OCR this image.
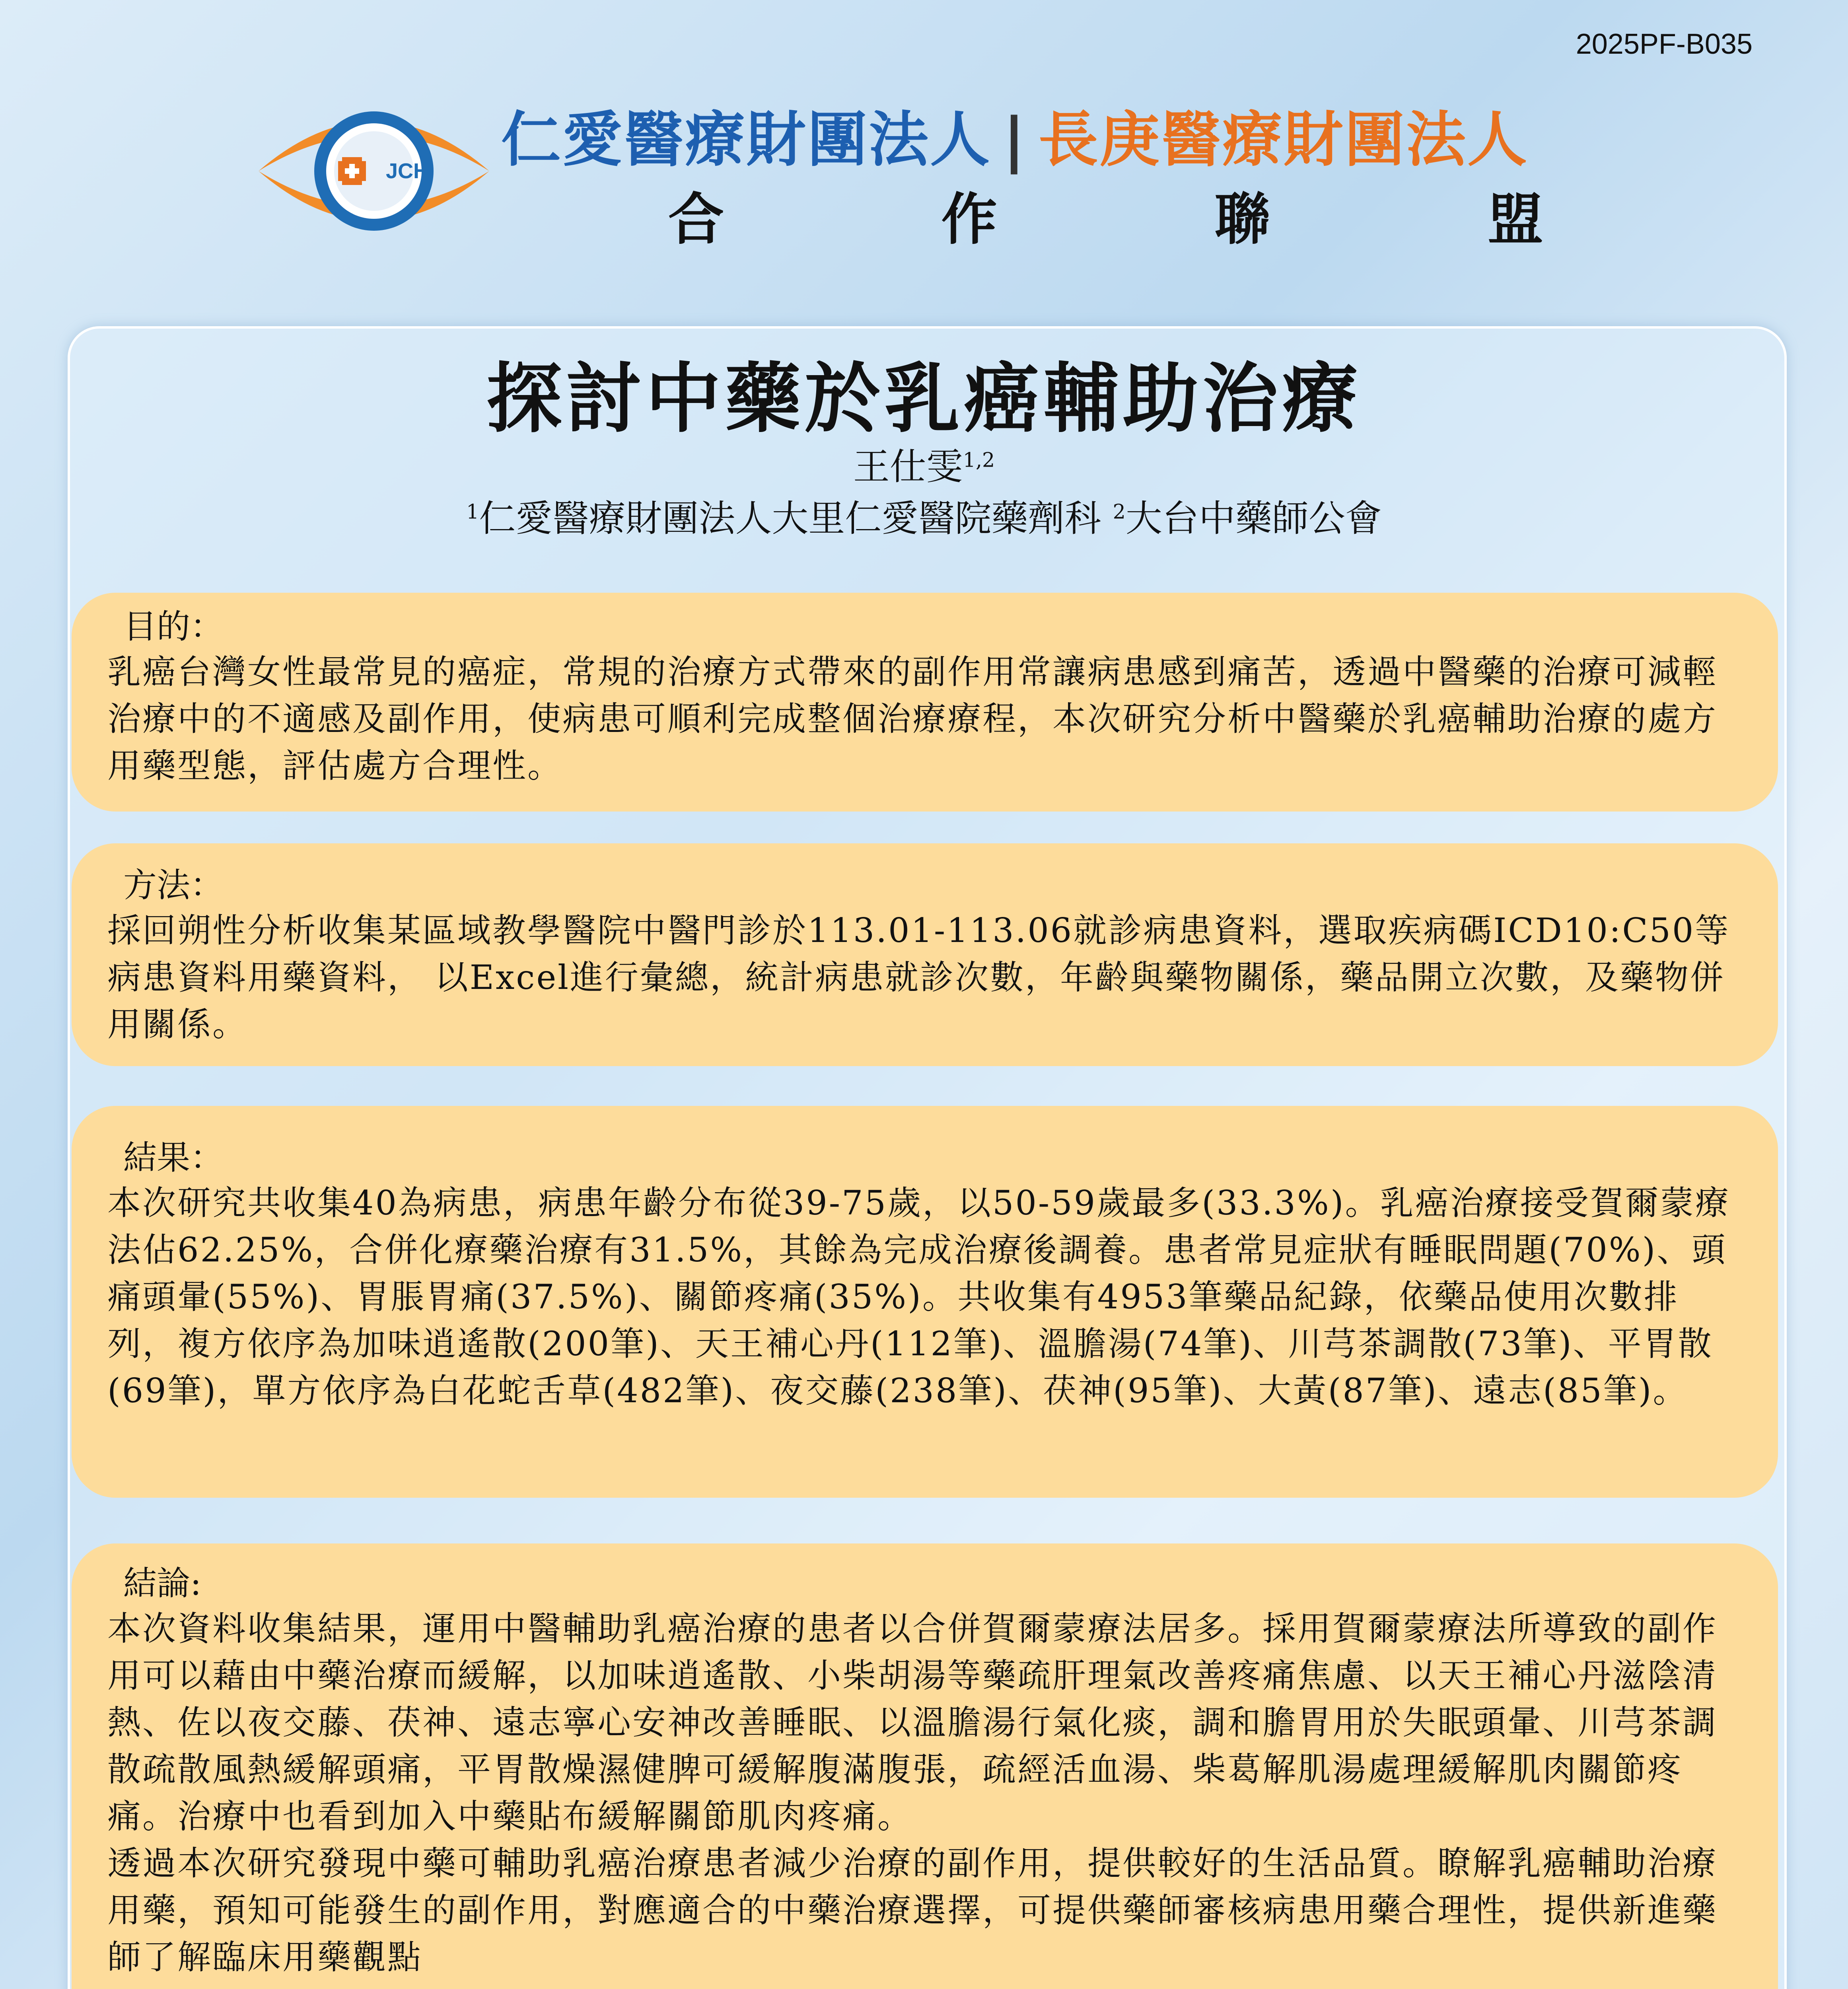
2025PF-B035
JCH 仁愛醫療財團法人 | 長庚醫療財團法人
合	作	聯	盟
探討中藥於乳癌輔助治療
王仕雯$^{1,2}$
$^1$仁愛醫療財團法人大里仁愛醫院藥劑科 $^2$大台中藥師公會
目的：
乳癌台灣女性最常見的癌症，常規的治療方式帶來的副作用常讓病患感到痛苦，透過中醫藥的治療可減輕治療中的不適感及副作用，使病患可順利完成整個治療療程，本次研究分析中醫藥於乳癌輔助治療的處方用藥型態，評估處方合理性。
方法：
採回朔性分析收集某區域教學醫院中醫門診於113.01-113.06就診病患資料，選取疾病碼ICD10:C50等病患資料用藥資料， 以Excel進行彙總，統計病患就診次數，年齡與藥物關係，藥品開立次數，及藥物併用關係。
結果：
本次研究共收集40為病患，病患年齡分布從39-75歲，以50-59歲最多(33.3%)。乳癌治療接受賀爾蒙療法佔62.25%，合併化療藥治療有31.5%，其餘為完成治療後調養。患者常見症狀有睡眠問題(70%)、頭痛頭暈(55%)、胃脹胃痛(37.5%)、關節疼痛(35%)。共收集有4953筆藥品紀錄，依藥品使用次數排列，複方依序為加味逍遙散(200筆)、天王補心丹(112筆)、溫膽湯(74筆)、川芎茶調散(73筆)、平胃散(69筆)，單方依序為白花蛇舌草(482筆)、夜交藤(238筆)、茯神(95筆)、大黃(87筆)、遠志(85筆)。
結論:
本次資料收集結果，運用中醫輔助乳癌治療的患者以合併賀爾蒙療法居多。採用賀爾蒙療法所導致的副作用可以藉由中藥治療而緩解，以加味逍遙散、小柴胡湯等藥疏肝理氣改善疼痛焦慮、以天王補心丹滋陰清熱、佐以夜交藤、茯神、遠志寧心安神改善睡眠、以溫膽湯行氣化痰，調和膽胃用於失眠頭暈、川芎茶調散疏散風熱緩解頭痛，平胃散燥濕健脾可緩解腹滿腹張，疏經活血湯、柴葛解肌湯處理緩解肌肉關節疼痛。治療中也看到加入中藥貼布緩解關節肌肉疼痛。
透過本次研究發現中藥可輔助乳癌治療患者減少治療的副作用，提供較好的生活品質。瞭解乳癌輔助治療用藥，預知可能發生的副作用，對應適合的中藥治療選擇，可提供藥師審核病患用藥合理性，提供新進藥師了解臨床用藥觀點
